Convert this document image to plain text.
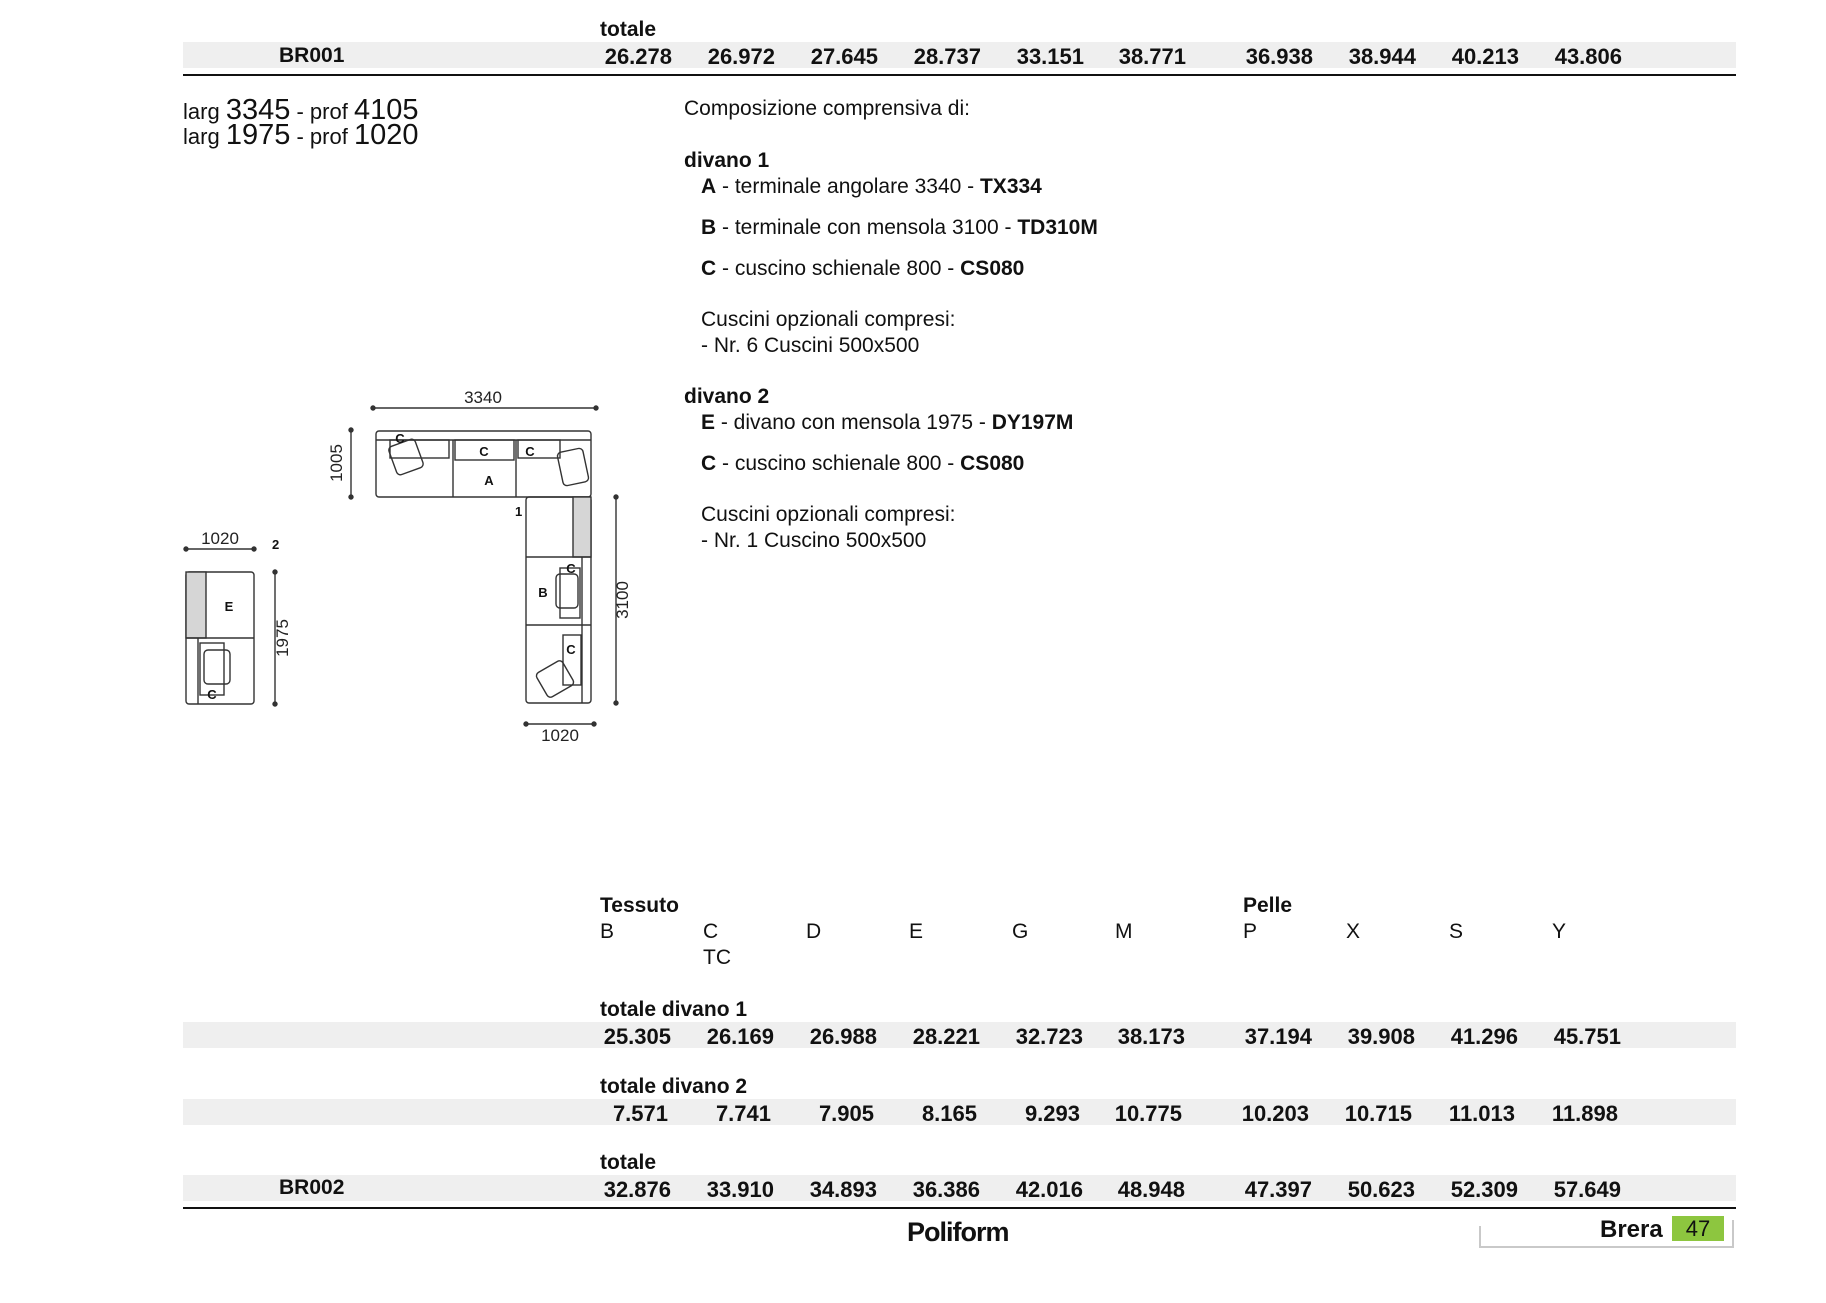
totale
BR001	26.278	26.972	27.645	28.737	33.151	38.771	36.938	38.944	40.213	43.806
larg 3345 - prof 4105
larg 1975 - prof 1020
Composizione comprensiva di:
divano 1
A - terminale angolare 3340 - TX334
B - terminale con mensola 3100 - TD310M
C - cuscino schienale 800 - CS080
Cuscini opzionali compresi:
- Nr. 6 Cuscini 500x500
divano 2
E - divano con mensola 1975 - DY197M
C - cuscino schienale 800 - CS080
Cuscini opzionali compresi:
- Nr. 1 Cuscino 500x500
3340
1005
3100
1020
1020
1975
1
2
A
B
E
C
C	C
C
C
C
Tessuto	Pelle
B	C	D	E	G	M	P	X	S	Y
TC
totale divano 1
25.305	26.169	26.988	28.221	32.723	38.173	37.194	39.908	41.296	45.751
totale divano 2
7.571	7.741	7.905	8.165	9.293	10.775	10.203	10.715	11.013	11.898
totale
BR002	32.876	33.910	34.893	36.386	42.016	48.948	47.397	50.623	52.309	57.649
Poliform	Brera	47
